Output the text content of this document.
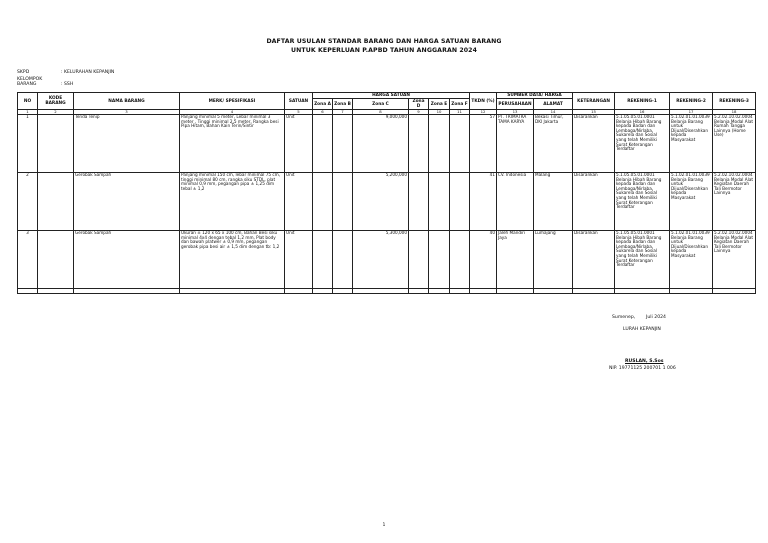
DAFTAR USULAN STANDAR BARANG DAN HARGA SATUAN BARANG
UNTUK KEPERLUAN P.APBD TAHUN ANGGARAN 2024
SKPD	: KELURAHAN KEPANJIN
KELOMPOK BARANG	: SSH
NO	KODE BARANG	NAMA BARANG	MERK/ SPESIFIKASI	SATUAN	HARGA SATUAN						TKDN (%)	SUMBER DATA/ HARGA		KETERANGAN	REKENING-1	REKENING-2	REKENING-3
					Zona A	Zona B	Zona C	Zona D	Zona E	Zona F		PERUSAHAAN	ALAMAT				
1	2	3	4	5	6	7	8	9	10	11	12	13	14	15	16	17	18
1		Tenda Tenip	Panjang minimal 5 meter, Lebar minimal 3 meter , Tinggi minimal 2,5 meter, Rangka besi Pipa Hitam, Bahan Kain Terin/Sintir	Unit			9,000,000				57	PT. TRIMATRA TAMA KARYA	Bekasi Timur, DKI Jakarta	Disarankan	5.1.05.05.01.0001 Belanja Hibah Barang kepada Badan dan Lembaga/Nirlaba, Sukarela dan Sosial yang telah Memiliki Surat Keterangan Terdaftar	5.1.02.01.01.0039 Belanja Barang untuk Dijual/Diserahkan kepada Masyarakat	5.2.02.10.02.0004 Belanja Modal Alat Rumah Tangga Lainnya (Home Use)
2		Gerobak Sampah	Panjang minimal 150 cm, lebar minimal 75 cm, tinggi minimal 80 cm, rangka siku STDL, plat minimal 0,9 mm, pegangan pipa ± 1,25 dim tebal ± 1,2	Unit			5,200,000				41	CV. Indonesia	Malang	Disarankan	5.1.05.05.01.0001 Belanja Hibah Barang kepada Badan dan Lembaga/Nirlaba, Sukarela dan Sosial yang telah Memiliki Surat Keterangan Terdaftar	5.1.02.01.01.0039 Belanja Barang untuk Dijual/Diserahkan kepada Masyarakat	5.2.02.10.02.0004 Belanja Modal Alat Kegiatan Daerah Tali Bermotor Lainnya
3		Gerobak Sampah	Ukuran ± 120 x 65 x 100 cm, Bahan Besi siku minimal 4x4 dengan tebal 1,2 mm, Plat body dan bawah platwer ± 0,9 mm, pegangan gerobak pipa besi air ± 1,5 dim dengan tb: 1,2	Unit			5,300,000				40	Jaleh Mandiri Jaya	Lumajang	Disarankan	5.1.05.05.01.0001 Belanja Hibah Barang kepada Badan dan Lembaga/Nirlaba, Sukarela dan Sosial yang telah Memiliki Surat Keterangan Terdaftar	5.1.02.01.01.0039 Belanja Barang untuk Dijual/Diserahkan kepada Masyarakat	5.2.02.10.02.0004 Belanja Modal Alat Kegiatan Daerah Tali Bermotor Lainnya

Sumenep, Juli 2024
LURAH KEPANJIN
RUSLAN, S.Sos
NIP. 19771125 200701 1 006
1
